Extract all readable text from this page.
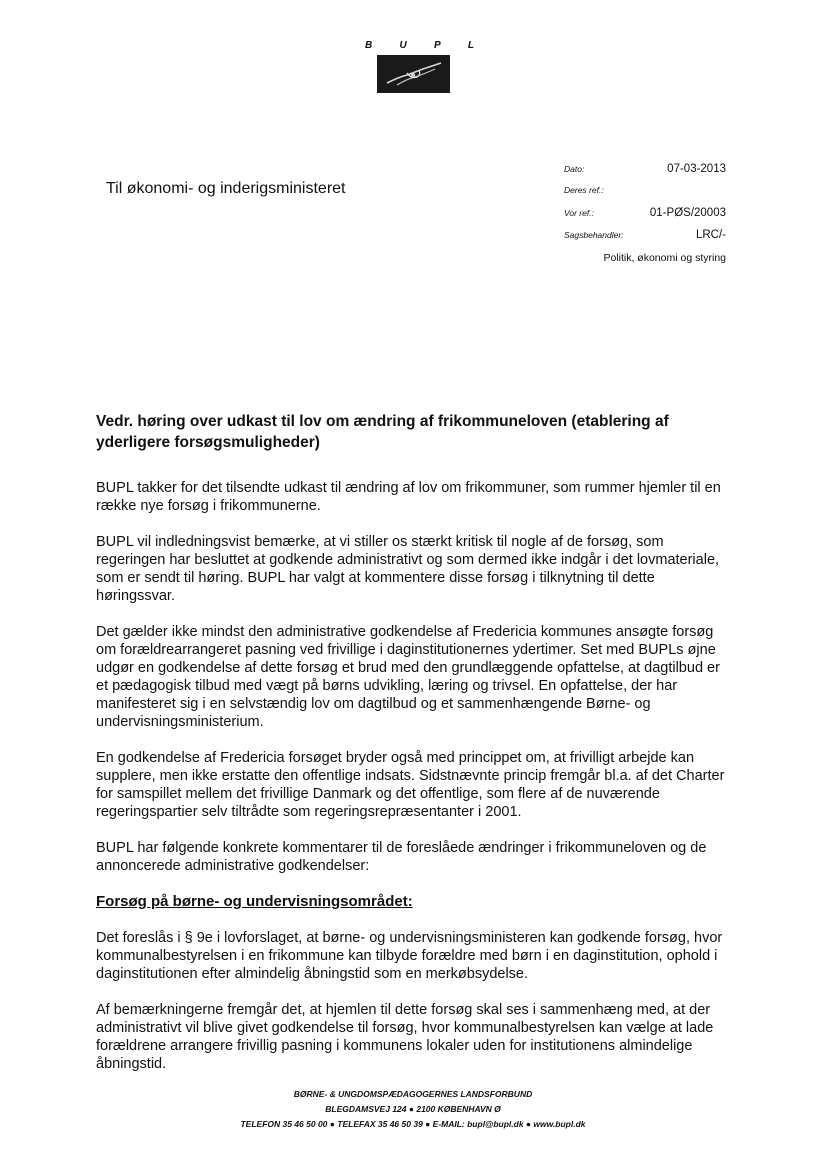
B	U	P	L

Til økonomi- og inderigsministeret

Dato:	07-03-2013
Deres ref.:
Vor ref.:	01-PØS/20003
Sagsbehandler:	LRC/-
Politik, økonomi og styring

Vedr. høring over udkast til lov om ændring af frikommuneloven (etablering af yderligere forsøgsmuligheder)

BUPL takker for det tilsendte udkast til ændring af lov om frikommuner, som rummer hjemler til en række nye forsøg i frikommunerne.

BUPL vil indledningsvist bemærke, at vi stiller os stærkt kritisk til nogle af de forsøg, som regeringen har besluttet at godkende administrativt og som dermed ikke indgår i det lovmateriale, som er sendt til høring. BUPL har valgt at kommentere disse forsøg i tilknytning til dette høringssvar.

Det gælder ikke mindst den administrative godkendelse af Fredericia kommunes ansøgte forsøg om forældrearrangeret pasning ved frivillige i daginstitutionernes ydertimer. Set med BUPLs øjne udgør en godkendelse af dette forsøg et brud med den grundlæggende opfattelse, at dagtilbud er et pædagogisk tilbud med vægt på børns udvikling, læring og trivsel. En opfattelse, der har manifesteret sig i en selvstændig lov om dagtilbud og et sammenhængende Børne- og undervisningsministerium.

En godkendelse af Fredericia forsøget bryder også med princippet om, at frivilligt arbejde kan supplere, men ikke erstatte den offentlige indsats. Sidstnævnte princip fremgår bl.a. af det Charter for samspillet mellem det frivillige Danmark og det offentlige, som flere af de nuværende regeringspartier selv tiltrådte som regeringsrepræsentanter i 2001.

BUPL har følgende konkrete kommentarer til de foreslåede ændringer i frikommuneloven og de annoncerede administrative godkendelser:

Forsøg på børne- og undervisningsområdet:

Det foreslås i § 9e i lovforslaget, at børne- og undervisningsministeren kan godkende forsøg, hvor kommunalbestyrelsen i en frikommune kan tilbyde forældre med børn i en daginstitution, ophold i daginstitutionen efter almindelig åbningstid som en merkøbsydelse.

Af bemærkningerne fremgår det, at hjemlen til dette forsøg skal ses i sammenhæng med, at der administrativt vil blive givet godkendelse til forsøg, hvor kommunalbestyrelsen kan vælge at lade forældrene arrangere frivillig pasning i kommunens lokaler uden for institutionens almindelige åbningstid.

BØRNE- & UNGDOMSPÆDAGOGERNES LANDSFORBUND
BLEGDAMSVEJ 124 ● 2100 KØBENHAVN Ø
TELEFON 35 46 50 00 ● TELEFAX 35 46 50 39 ● E-MAIL: bupl@bupl.dk ● www.bupl.dk
